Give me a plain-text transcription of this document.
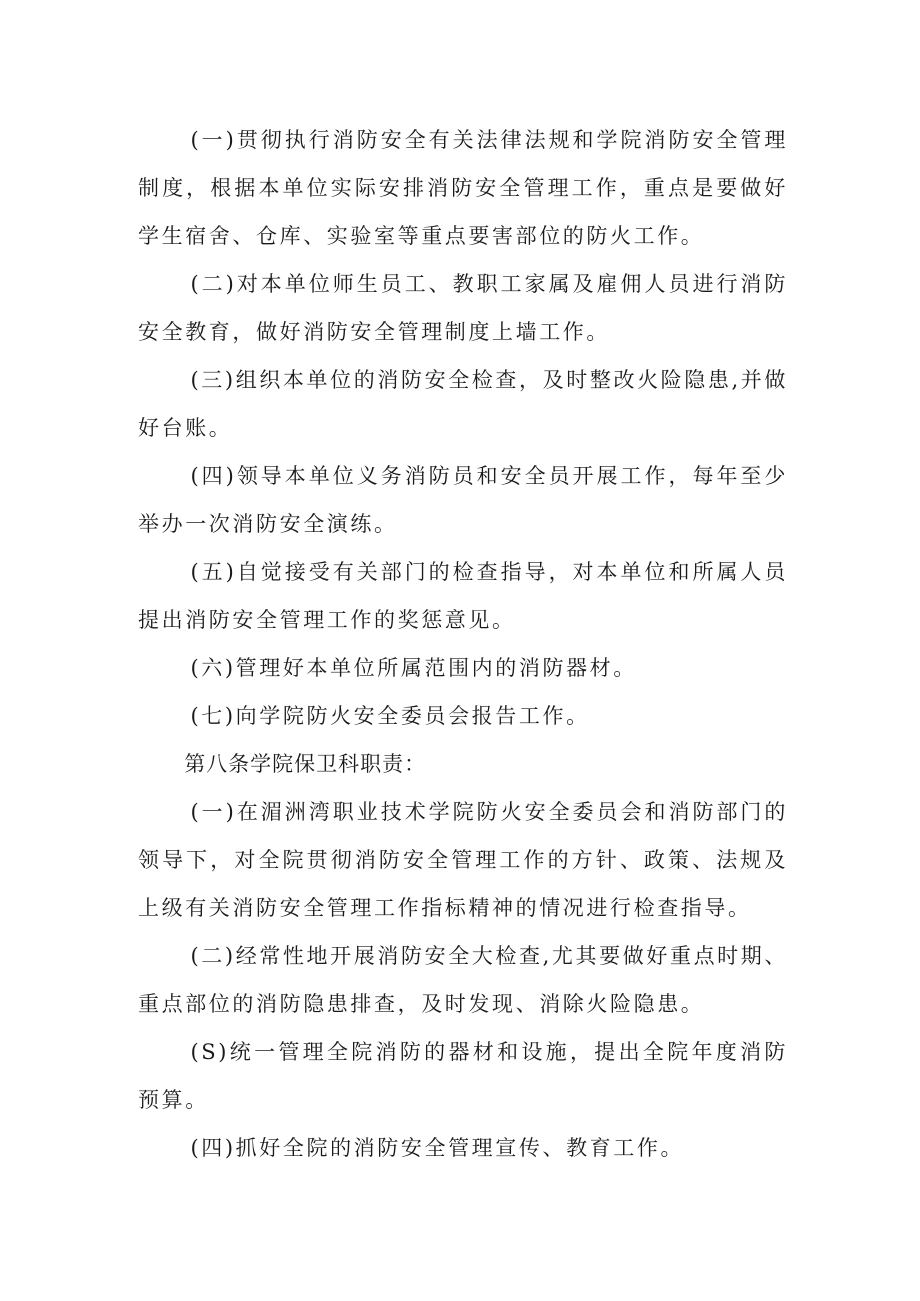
(一)贯彻执行消防安全有关法律法规和学院消防安全管理制度，根据本单位实际安排消防安全管理工作，重点是要做好学生宿舍、仓库、实验室等重点要害部位的防火工作。

(二)对本单位师生员工、教职工家属及雇佣人员进行消防安全教育，做好消防安全管理制度上墙工作。

(三)组织本单位的消防安全检查，及时整改火险隐患,并做好台账。

(四)领导本单位义务消防员和安全员开展工作，每年至少举办一次消防安全演练。

(五)自觉接受有关部门的检查指导，对本单位和所属人员提出消防安全管理工作的奖惩意见。

(六)管理好本单位所属范围内的消防器材。

(七)向学院防火安全委员会报告工作。

第八条学院保卫科职责：

(一)在湄洲湾职业技术学院防火安全委员会和消防部门的领导下，对全院贯彻消防安全管理工作的方针、政策、法规及上级有关消防安全管理工作指标精神的情况进行检查指导。

(二)经常性地开展消防安全大检查,尤其要做好重点时期、重点部位的消防隐患排查，及时发现、消除火险隐患。

(S)统一管理全院消防的器材和设施，提出全院年度消防预算。

(四)抓好全院的消防安全管理宣传、教育工作。
